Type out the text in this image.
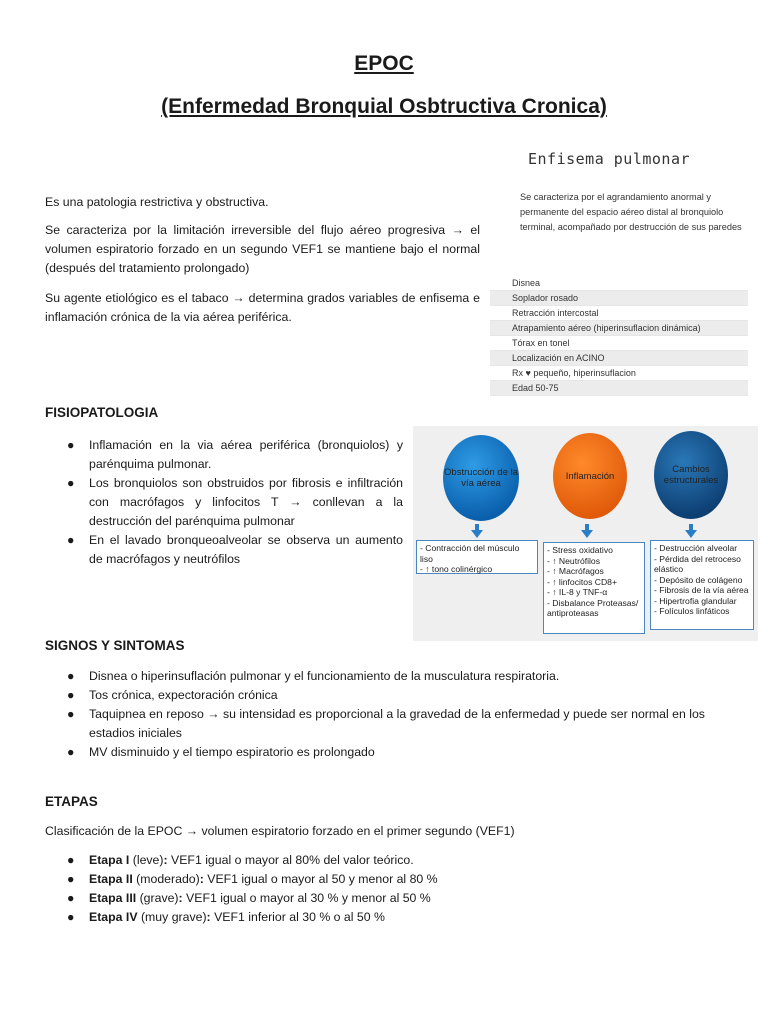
EPOC
(Enfermedad Bronquial Osbtructiva Cronica)
Es una patologia restrictiva y obstructiva.
Se caracteriza por la limitación irreversible del flujo aéreo progresiva → el volumen espiratorio forzado en un segundo VEF1 se mantiene bajo el normal (después del tratamiento prolongado)
Su agente etiológico es el tabaco → determina grados variables de enfisema e inflamación crónica de la via aérea periférica.
Enfisema pulmonar
Se caracteriza por el agrandamiento anormal y permanente del espacio aéreo distal al bronquiolo terminal, acompañado por destrucción de sus paredes
Disnea
Soplador rosado
Retracción intercostal
Atrapamiento aéreo (hiperinsuflacion dinámica)
Tórax en tonel
Localización en ACINO
Rx ♥ pequeño, hiperinsuflacion
Edad 50-75
FISIOPATOLOGIA
● Inflamación en la via aérea periférica (bronquiolos) y parénquima pulmonar.
● Los bronquiolos son obstruidos por fibrosis e infiltración con macrófagos y linfocitos T → conllevan a la destrucción del parénquima pulmonar
● En el lavado bronqueoalveolar se observa un aumento de macrófagos y neutrófilos
Obstrucción de la vía aérea
Inflamación
Cambios estructurales
- Contracción del músculo liso
- ↑ tono colinérgico
- Stress oxidativo
- ↑ Neutrófilos
- ↑ Macrófagos
- ↑ linfocitos CD8+
- ↑ IL-8 y TNF-α
- Disbalance Proteasas/
antiproteasas
- Destrucción alveolar
- Pérdida del retroceso
elástico
- Depósito de colágeno
- Fibrosis de la vía aérea
- Hipertrofia glandular
- Folículos linfáticos
SIGNOS Y SINTOMAS
● Disnea o hiperinsuflación pulmonar y el funcionamiento de la musculatura respiratoria.
● Tos crónica, expectoración crónica
● Taquipnea en reposo → su intensidad es proporcional a la gravedad de la enfermedad y puede ser normal en los estadios iniciales
● MV disminuido y el tiempo espiratorio es prolongado
ETAPAS
Clasificación de la EPOC → volumen espiratorio forzado en el primer segundo (VEF1)
● Etapa I (leve): VEF1 igual o mayor al 80% del valor teórico.
● Etapa II (moderado): VEF1 igual o mayor al 50 y menor al 80 %
● Etapa III (grave): VEF1 igual o mayor al 30 % y menor al 50 %
● Etapa IV (muy grave): VEF1 inferior al 30 % o al 50 %
